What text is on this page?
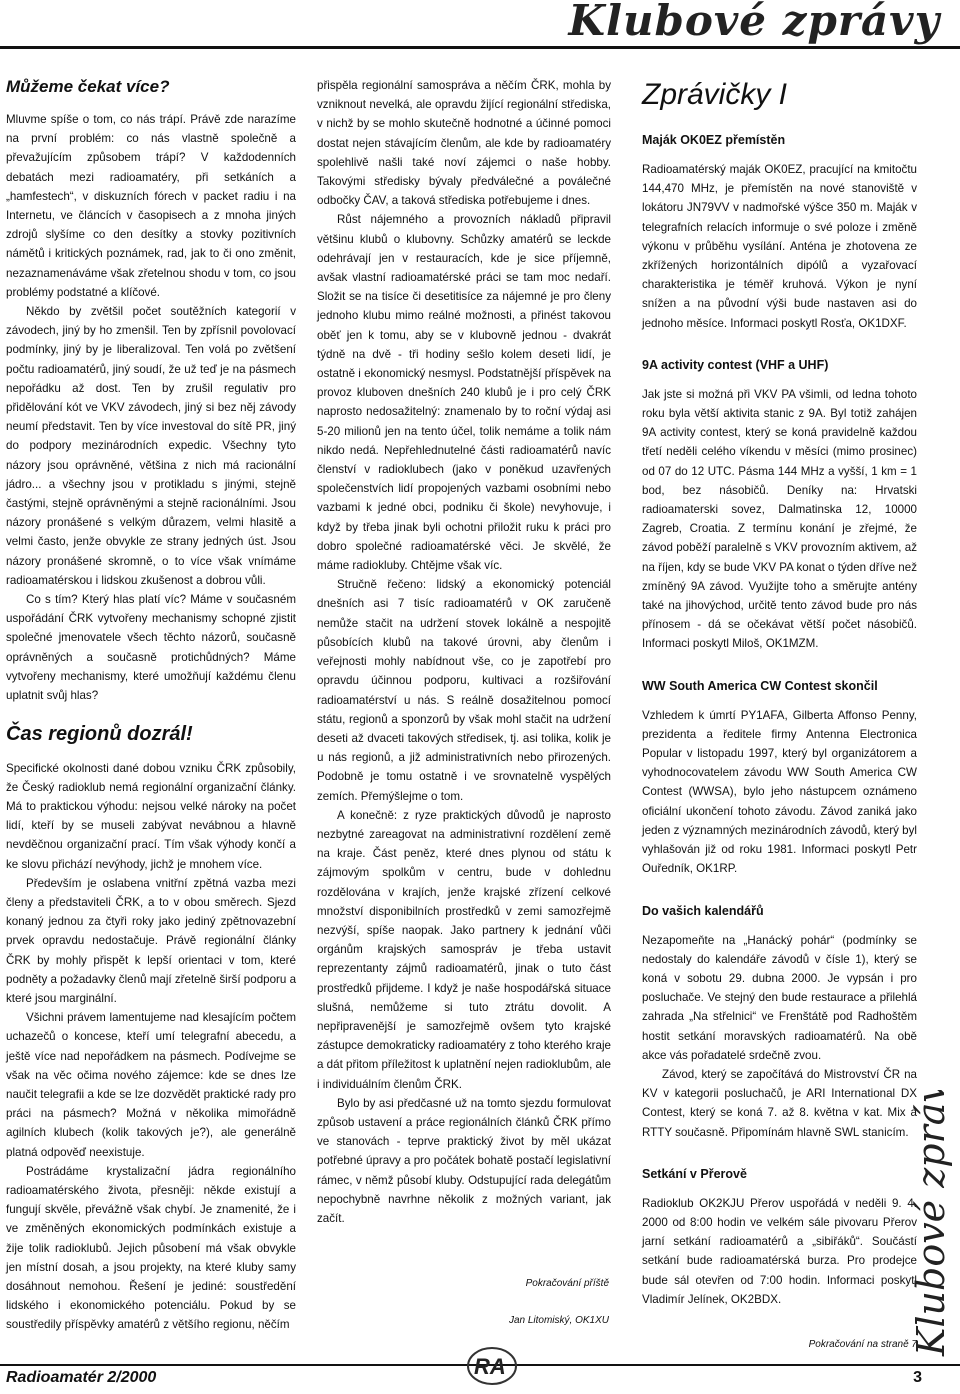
Klubové zprávy
Můžeme čekat více?

Mluvme spíše o tom, co nás trápí. Právě zde narazíme na první problém: co nás vlastně společně a převažujícím způsobem trápí? V každodenních debatách mezi radioamatéry, při setkáních a „hamfestech“, v diskuzních fórech v packet radiu i na Internetu, ve článcích v časopisech a z mnoha jiných zdrojů slyšíme co den desítky a stovky pozitivních námětů i kritických poznámek, rad, jak to či ono změnit, nezaznamenáváme však zřetelnou shodu v tom, co jsou problémy podstatné a klíčové.

Někdo by zvětšil počet soutěžních kategorií v závodech, jiný by ho zmenšil. Ten by zpřísnil povolovací podmínky, jiný by je liberalizoval. Ten volá po zvětšení počtu radioamatérů, jiný soudí, že už teď je na pásmech nepořádku až dost. Ten by zrušil regulativ pro přidělování kót ve VKV závodech, jiný si bez něj závody neumí představit. Ten by více investoval do sítě PR, jiný do podpory mezinárodních expedic. Všechny tyto názory jsou oprávněné, většina z nich má racionální jádro... a všechny jsou v protikladu s jinými, stejně častými, stejně oprávněnými a stejně racionálními. Jsou názory pronášené s velkým důrazem, velmi hlasitě a velmi často, jenže obvykle ze strany jedných úst. Jsou názory pronášené skromně, o to více však vnímáme radioamatérskou i lidskou zkušenost a dobrou vůli.

Co s tím? Který hlas platí víc? Máme v současném uspořádání ČRK vytvořeny mechanismy schopné zjistit společné jmenovatele všech těchto názorů, současně oprávněných a současně protichůdných? Máme vytvořeny mechanismy, které umožňují každému členu uplatnit svůj hlas?

Čas regionů dozrál!

Specifické okolnosti dané dobou vzniku ČRK způsobily, že Český radioklub nemá regionální organizační články. Má to praktickou výhodu: nejsou velké nároky na počet lidí, kteří by se museli zabývat nevábnou a hlavně nevděčnou organizační prací. Tím však výhody končí a ke slovu přichází nevýhody, jichž je mnohem více.

Především je oslabena vnitřní zpětná vazba mezi členy a představiteli ČRK, a to v obou směrech. Sjezd konaný jednou za čtyři roky jako jediný zpětnovazební prvek opravdu nedostačuje. Právě regionální články ČRK by mohly přispět k lepší orientaci v tom, které podněty a požadavky členů mají zřetelně širší podporu a které jsou marginální.

Všichni právem lamentujeme nad klesajícím počtem uchazečů o koncese, kteří umí telegrafní abecedu, a ještě více nad nepořádkem na pásmech. Podívejme se však na věc očima nového zájemce: kde se dnes lze naučit telegrafii a kde se lze dozvědět praktické rady pro práci na pásmech? Možná v několika mimořádně agilních klubech (kolik takových je?), ale generálně platná odpověď neexistuje.

Postrádáme krystalizační jádra regionálního radioamatérského života, přesněji: někde existují a fungují skvěle, převážně však chybí. Je znamenité, že i ve změněných ekonomických podmínkách existuje a žije tolik radioklubů. Jejich působení má však obvykle jen místní dosah, a jsou projekty, na které kluby samy dosáhnout nemohou. Řešení je jediné: soustředění lidského i ekonomického potenciálu. Pokud by se soustředily příspěvky amatérů z většího regionu, něčím

přispěla regionální samospráva a něčím ČRK, mohla by vzniknout nevelká, ale opravdu žijící regionální střediska, v nichž by se mohlo skutečně hodnotné a účinné pomoci dostat nejen stávajícím členům, ale kde by radioamatéry spolehlivě našli také noví zájemci o naše hobby. Takovými středisky bývaly předválečné a poválečné odbočky ČAV, a taková střediska potřebujeme i dnes.

Růst nájemného a provozních nákladů připravil většinu klubů o klubovny. Schůzky amatérů se leckde odehrávají jen v restauracích, kde je sice příjemně, avšak vlastní radioamatérské práci se tam moc nedaří. Složit se na tisíce či desetitisíce za nájemné je pro členy jednoho klubu mimo reálné možnosti, a přinést takovou oběť jen k tomu, aby se v klubovně jednou - dvakrát týdně na dvě - tři hodiny sešlo kolem deseti lidí, je ostatně i ekonomický nesmysl. Podstatnější příspěvek na provoz kluboven dnešních 240 klubů je i pro celý ČRK naprosto nedosažitelný: znamenalo by to roční výdaj asi 5-20 milionů jen na tento účel, tolik nemáme a tolik nám nikdo nedá. Nepřehlednutelné části radioamatérů navíc členství v radioklubech (jako v poněkud uzavřených společenstvích lidí propojených vazbami osobními nebo vazbami k jedné obci, podniku či škole) nevyhovuje, i když by třeba jinak byli ochotni přiložit ruku k práci pro dobro společné radioamatérské věci. Je skvělé, že máme radiokluby. Chtějme však víc.

Stručně řečeno: lidský a ekonomický potenciál dnešních asi 7 tisíc radioamatérů v OK zaručeně nemůže stačit na udržení stovek lokálně a nespojitě působících klubů na takové úrovni, aby členům i veřejnosti mohly nabídnout vše, co je zapotřebí pro opravdu účinnou podporu, kultivaci a rozšiřování radioamatérství u nás. S reálně dosažitelnou pomocí státu, regionů a sponzorů by však mohl stačit na udržení deseti až dvaceti takových středisek, tj. asi tolika, kolik je u nás regionů, a již administrativních nebo přirozených. Podobně je tomu ostatně i ve srovnatelně vyspělých zemích. Přemýšlejme o tom.

A konečně: z ryze praktických důvodů je naprosto nezbytné zareagovat na administrativní rozdělení země na kraje. Část peněz, které dnes plynou od státu k zájmovým spolkům v centru, bude v dohlednu rozdělována v krajích, jenže krajské zřízení celkové množství disponibilních prostředků v zemi samozřejmě nezvýší, spíše naopak. Jako partnery k jednání vůči orgánům krajských samospráv je třeba ustavit reprezentanty zájmů radioamatérů, jinak o tuto část prostředků přijdeme. I když je naše hospodářská situace slušná, nemůžeme si tuto ztrátu dovolit. A nepřipravenější je samozřejmě ovšem tyto krajské zástupce demokraticky radioamatéry z toho kterého kraje a dát přitom příležitost k uplatnění nejen radioklubům, ale i individuálním členům ČRK.

Bylo by asi předčasné už na tomto sjezdu formulovat způsob ustavení a práce regionálních článků ČRK přímo ve stanovách - teprve praktický život by měl ukázat potřebné úpravy a pro počátek bohatě postačí legislativní rámec, v němž působí kluby. Odstupující rada delegátům nepochybně navrhne několik z možných variant, jak začít.

Pokračování příště
Jan Litomiský, OK1XU
Zprávičky I
Maják OK0EZ přemístěn

Radioamatérský maják OK0EZ, pracující na kmitočtu 144,470 MHz, je přemístěn na nové stanoviště v lokátoru JN79VV v nadmořské výšce 350 m. Maják v telegrafních relacích informuje o své poloze i změně výkonu v průběhu vysílání. Anténa je zhotovena ze zkřížených horizontálních dipólů a vyzařovací charakteristika je téměř kruhová. Výkon je nyní snížen a na původní výši bude nastaven asi do jednoho měsíce. Informaci poskytl Rosťa, OK1DXF.

9A activity contest (VHF a UHF)

Jak jste si možná při VKV PA všimli, od ledna tohoto roku byla větší aktivita stanic z 9A. Byl totiž zahájen 9A activity contest, který se koná pravidelně každou třetí neděli celého víkendu v měsíci (mimo prosinec) od 07 do 12 UTC. Pásma 144 MHz a vyšší, 1 km = 1 bod, bez násobičů. Deníky na: Hrvatski radioamaterski sovez, Dalmatinska 12, 10000 Zagreb, Croatia. Z termínu konání je zřejmé, že závod poběží paralelně s VKV provozním aktivem, až na říjen, kdy se bude VKV PA konat o týden dříve než zmíněný 9A závod. Využijte toho a směrujte antény také na jihovýchod, určitě tento závod bude pro nás přínosem - dá se očekávat větší počet násobičů. Informaci poskytl Miloš, OK1MZM.

WW South America CW Contest skončil

Vzhledem k úmrtí PY1AFA, Gilberta Affonso Penny, prezidenta a ředitele firmy Antenna Electronica Popular v listopadu 1997, který byl organizátorem a vyhodnocovatelem závodu WW South America CW Contest (WWSA), bylo jeho nástupcem oznámeno oficiální ukončení tohoto závodu. Závod zaniká jako jeden z významných mezinárodních závodů, který byl vyhlašován již od roku 1981. Informaci poskytl Petr Ouředník, OK1RP.

Do vašich kalendářů

Nezapomeňte na „Hanácký pohár“ (podmínky se nedostaly do kalendáře závodů v čísle 1), který se koná v sobotu 29. dubna 2000. Je vypsán i pro posluchače. Ve stejný den bude restaurace a přilehlá zahrada „Na střelnici“ ve Frenštátě pod Radhoštěm hostit setkání moravských radioamatérů. Na obě akce vás pořadatelé srdečně zvou.

Závod, který se započítává do Mistrovství ČR na KV v kategorii posluchačů, je ARI International DX Contest, který se koná 7. až 8. května v kat. Mix a RTTY současně. Připomínám hlavně SWL stanicím.

Setkání v Přerově

Radioklub OK2KJU Přerov uspořádá v neděli 9. 4. 2000 od 8:00 hodin ve velkém sále pivovaru Přerov jarní setkání radioamatérů a „sibiřáků“. Součástí setkání bude radioamatérská burza. Pro prodejce bude sál otevřen od 7:00 hodin. Informaci poskytl Vladimír Jelínek, OK2BDX.

Pokračování na straně 7
Klubové zprávy
Radioamatér 2/2000	RA	3
